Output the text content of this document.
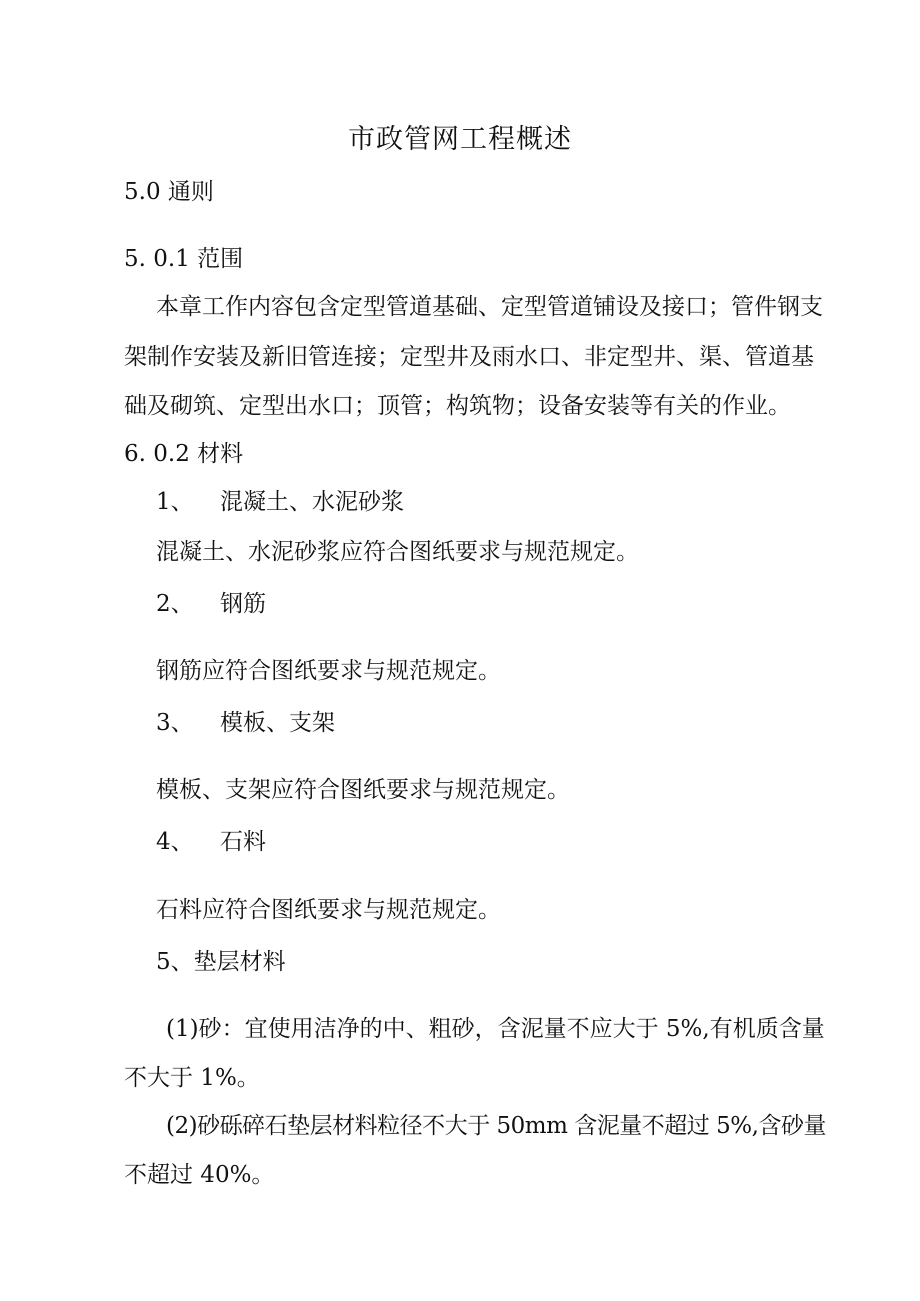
市政管网工程概述

5.0 通则

5. 0.1 范围

本章工作内容包含定型管道基础、定型管道铺设及接口；管件钢支

架制作安装及新旧管连接；定型井及雨水口、非定型井、渠、管道基

础及砌筑、定型出水口；顶管；构筑物；设备安装等有关的作业。

6. 0.2 材料

1、 混凝土、水泥砂浆

混凝土、水泥砂浆应符合图纸要求与规范规定。

2、 钢筋

钢筋应符合图纸要求与规范规定。

3、 模板、支架

模板、支架应符合图纸要求与规范规定。

4、 石料

石料应符合图纸要求与规范规定。

5、垫层材料

(1)砂：宜使用洁净的中、粗砂，含泥量不应大于 5%,有机质含量

不大于 1%。

(2)砂砾碎石垫层材料粒径不大于 50mm 含泥量不超过 5%,含砂量

不超过 40%。
